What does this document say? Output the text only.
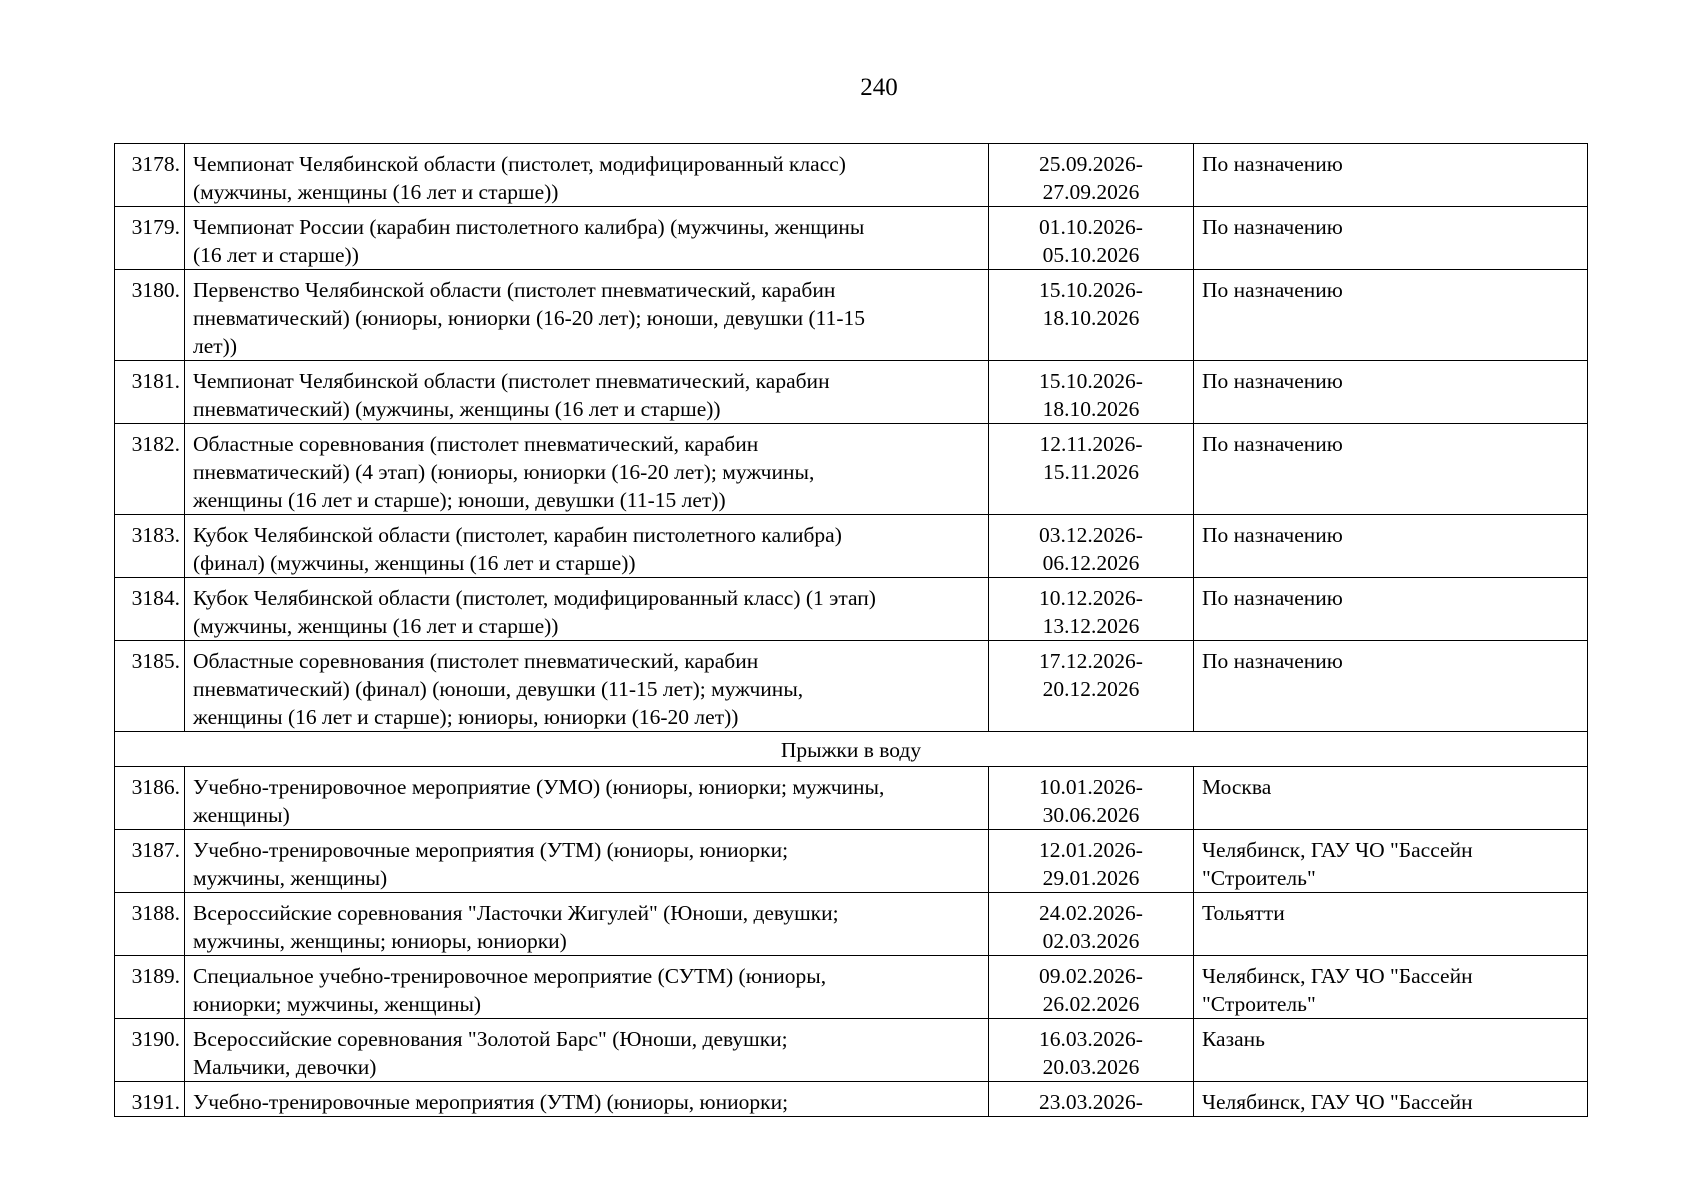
240
3178.	Чемпионат Челябинской области (пистолет, модифицированный класс)
(мужчины, женщины (16 лет и старше))	25.09.2026-
27.09.2026	По назначению

3179.	Чемпионат России (карабин пистолетного калибра) (мужчины, женщины
(16 лет и старше))	01.10.2026-
05.10.2026	По назначению

3180.	Первенство Челябинской области (пистолет пневматический, карабин
пневматический) (юниоры, юниорки (16-20 лет); юноши, девушки (11-15
лет))	15.10.2026-
18.10.2026	По назначению

3181.	Чемпионат Челябинской области (пистолет пневматический, карабин
пневматический) (мужчины, женщины (16 лет и старше))	15.10.2026-
18.10.2026	По назначению

3182.	Областные соревнования (пистолет пневматический, карабин
пневматический) (4 этап) (юниоры, юниорки (16-20 лет); мужчины,
женщины (16 лет и старше); юноши, девушки (11-15 лет))	12.11.2026-
15.11.2026	По назначению

3183.	Кубок Челябинской области (пистолет, карабин пистолетного калибра)
(финал) (мужчины, женщины (16 лет и старше))	03.12.2026-
06.12.2026	По назначению

3184.	Кубок Челябинской области (пистолет, модифицированный класс) (1 этап)
(мужчины, женщины (16 лет и старше))	10.12.2026-
13.12.2026	По назначению

3185.	Областные соревнования (пистолет пневматический, карабин
пневматический) (финал) (юноши, девушки (11-15 лет); мужчины,
женщины (16 лет и старше); юниоры, юниорки (16-20 лет))	17.12.2026-
20.12.2026	По назначению

Прыжки в воду			
3186.	Учебно-тренировочное мероприятие (УМО) (юниоры, юниорки; мужчины,
женщины)	10.01.2026-
30.06.2026	Москва

3187.	Учебно-тренировочные мероприятия (УТМ) (юниоры, юниорки;
мужчины, женщины)	12.01.2026-
29.01.2026	Челябинск, ГАУ ЧО "Бассейн
"Строитель"

3188.	Всероссийские соревнования "Ласточки Жигулей" (Юноши, девушки;
мужчины, женщины; юниоры, юниорки)	24.02.2026-
02.03.2026	Тольятти

3189.	Специальное учебно-тренировочное мероприятие (СУТМ) (юниоры,
юниорки; мужчины, женщины)	09.02.2026-
26.02.2026	Челябинск, ГАУ ЧО "Бассейн
"Строитель"

3190.	Всероссийские соревнования "Золотой Барс" (Юноши, девушки;
Мальчики, девочки)	16.03.2026-
20.03.2026	Казань

3191.	Учебно-тренировочные мероприятия (УТМ) (юниоры, юниорки;	23.03.2026-	Челябинск, ГАУ ЧО "Бассейн
